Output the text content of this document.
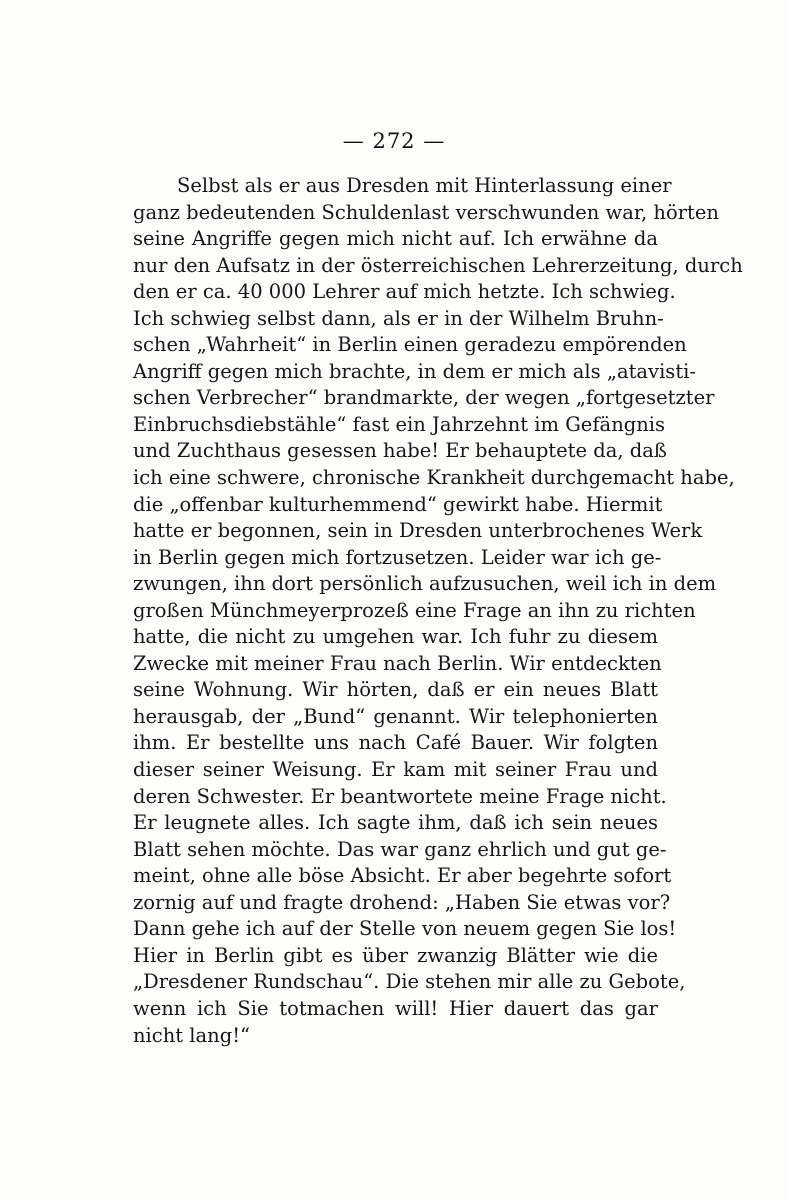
— 272 —
Selbst als er aus Dresden mit Hinterlassung einer
ganz bedeutenden Schuldenlast verschwunden war, hörten
seine Angriffe gegen mich nicht auf. Ich erwähne da
nur den Aufsatz in der österreichischen Lehrerzeitung, durch
den er ca. 40 000 Lehrer auf mich hetzte. Ich schwieg.
Ich schwieg selbst dann, als er in der Wilhelm Bruhn-
schen „Wahrheit“ in Berlin einen geradezu empörenden
Angriff gegen mich brachte, in dem er mich als „atavisti-
schen Verbrecher“ brandmarkte, der wegen „fortgesetzter
Einbruchsdiebstähle“ fast ein Jahrzehnt im Gefängnis
und Zuchthaus gesessen habe! Er behauptete da, daß
ich eine schwere, chronische Krankheit durchgemacht habe,
die „offenbar kulturhemmend“ gewirkt habe. Hiermit
hatte er begonnen, sein in Dresden unterbrochenes Werk
in Berlin gegen mich fortzusetzen. Leider war ich ge-
zwungen, ihn dort persönlich aufzusuchen, weil ich in dem
großen Münchmeyerprozeß eine Frage an ihn zu richten
hatte, die nicht zu umgehen war. Ich fuhr zu diesem
Zwecke mit meiner Frau nach Berlin. Wir entdeckten
seine Wohnung. Wir hörten, daß er ein neues Blatt
herausgab, der „Bund“ genannt. Wir telephonierten
ihm. Er bestellte uns nach Café Bauer. Wir folgten
dieser seiner Weisung. Er kam mit seiner Frau und
deren Schwester. Er beantwortete meine Frage nicht.
Er leugnete alles. Ich sagte ihm, daß ich sein neues
Blatt sehen möchte. Das war ganz ehrlich und gut ge-
meint, ohne alle böse Absicht. Er aber begehrte sofort
zornig auf und fragte drohend: „Haben Sie etwas vor?
Dann gehe ich auf der Stelle von neuem gegen Sie los!
Hier in Berlin gibt es über zwanzig Blätter wie die
„Dresdener Rundschau“. Die stehen mir alle zu Gebote,
wenn ich Sie totmachen will! Hier dauert das gar
nicht lang!“
